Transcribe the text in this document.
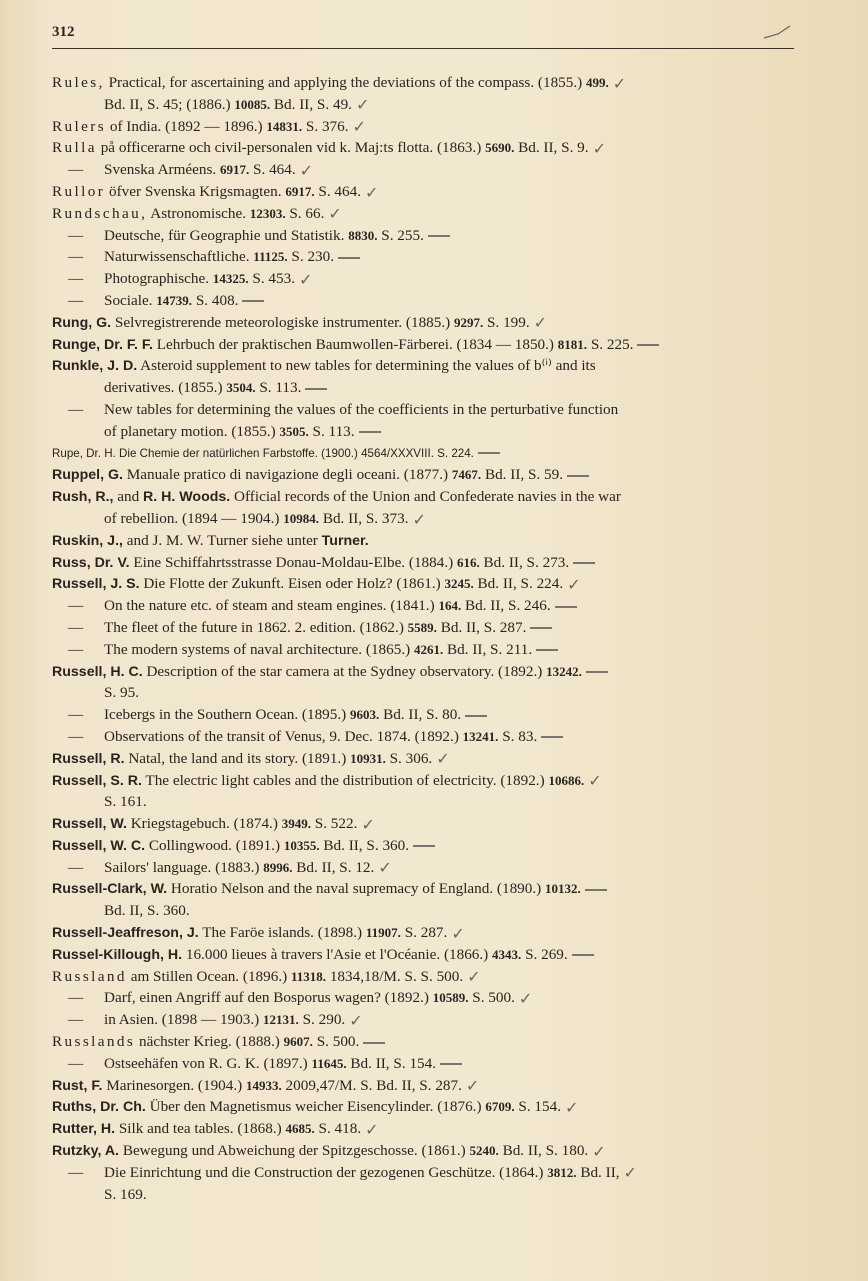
312
Rules, Practical, for ascertaining and applying the deviations of the compass. (1855.) 499. ✓
Bd. II, S. 45; (1886.) 10085. Bd. II, S. 49. ✓
Rulers of India. (1892 — 1896.) 14831. S. 376. ✓
Rulla på officerarne och civil-personalen vid k. Maj:ts flotta. (1863.) 5690. Bd. II, S. 9. ✓
— Svenska Arméens. 6917. S. 464. ✓
Rullor öfver Svenska Krigsmagten. 6917. S. 464. ✓
Rundschau, Astronomische. 12303. S. 66. ✓
— Deutsche, für Geographie und Statistik. 8830. S. 255.
— Naturwissenschaftliche. 11125. S. 230.
— Photographische. 14325. S. 453. ✓
— Sociale. 14739. S. 408.
Rung, G. Selvregistrerende meteorologiske instrumenter. (1885.) 9297. S. 199. ✓
Runge, Dr. F. F. Lehrbuch der praktischen Baumwollen-Färberei. (1834 — 1850.) 8181. S. 225.
Runkle, J. D. Asteroid supplement to new tables for determining the values of b⁽ⁱ⁾ and its
derivatives. (1855.) 3504. S. 113.
— New tables for determining the values of the coefficients in the perturbative function
of planetary motion. (1855.) 3505. S. 113.
Rupe, Dr. H. Die Chemie der natürlichen Farbstoffe. (1900.) 4564/XXXVIII. S. 224.
Ruppel, G. Manuale pratico di navigazione degli oceani. (1877.) 7467. Bd. II, S. 59.
Rush, R., and R. H. Woods. Official records of the Union and Confederate navies in the war
of rebellion. (1894 — 1904.) 10984. Bd. II, S. 373. ✓
Ruskin, J., and J. M. W. Turner siehe unter Turner.
Russ, Dr. V. Eine Schiffahrtsstrasse Donau-Moldau-Elbe. (1884.) 616. Bd. II, S. 273.
Russell, J. S. Die Flotte der Zukunft. Eisen oder Holz? (1861.) 3245. Bd. II, S. 224. ✓
— On the nature etc. of steam and steam engines. (1841.) 164. Bd. II, S. 246.
— The fleet of the future in 1862. 2. edition. (1862.) 5589. Bd. II, S. 287.
— The modern systems of naval architecture. (1865.) 4261. Bd. II, S. 211.
Russell, H. C. Description of the star camera at the Sydney observatory. (1892.) 13242.
S. 95.
— Icebergs in the Southern Ocean. (1895.) 9603. Bd. II, S. 80.
— Observations of the transit of Venus, 9. Dec. 1874. (1892.) 13241. S. 83.
Russell, R. Natal, the land and its story. (1891.) 10931. S. 306. ✓
Russell, S. R. The electric light cables and the distribution of electricity. (1892.) 10686. ✓
S. 161.
Russell, W. Kriegstagebuch. (1874.) 3949. S. 522. ✓
Russell, W. C. Collingwood. (1891.) 10355. Bd. II, S. 360.
— Sailors' language. (1883.) 8996. Bd. II, S. 12. ✓
Russell-Clark, W. Horatio Nelson and the naval supremacy of England. (1890.) 10132.
Bd. II, S. 360.
Russell-Jeaffreson, J. The Faröe islands. (1898.) 11907. S. 287. ✓
Russel-Killough, H. 16.000 lieues à travers l'Asie et l'Océanie. (1866.) 4343. S. 269.
Russland am Stillen Ocean. (1896.) 11318. 1834,18/M. S. S. 500. ✓
— Darf, einen Angriff auf den Bosporus wagen? (1892.) 10589. S. 500. ✓
— in Asien. (1898 — 1903.) 12131. S. 290. ✓
Russlands nächster Krieg. (1888.) 9607. S. 500.
— Ostseehäfen von R. G. K. (1897.) 11645. Bd. II, S. 154.
Rust, F. Marinesorgen. (1904.) 14933. 2009,47/M. S. Bd. II, S. 287. ✓
Ruths, Dr. Ch. Über den Magnetismus weicher Eisencylinder. (1876.) 6709. S. 154. ✓
Rutter, H. Silk and tea tables. (1868.) 4685. S. 418. ✓
Rutzky, A. Bewegung und Abweichung der Spitzgeschosse. (1861.) 5240. Bd. II, S. 180. ✓
— Die Einrichtung und die Construction der gezogenen Geschütze. (1864.) 3812. Bd. II, ✓
S. 169.
